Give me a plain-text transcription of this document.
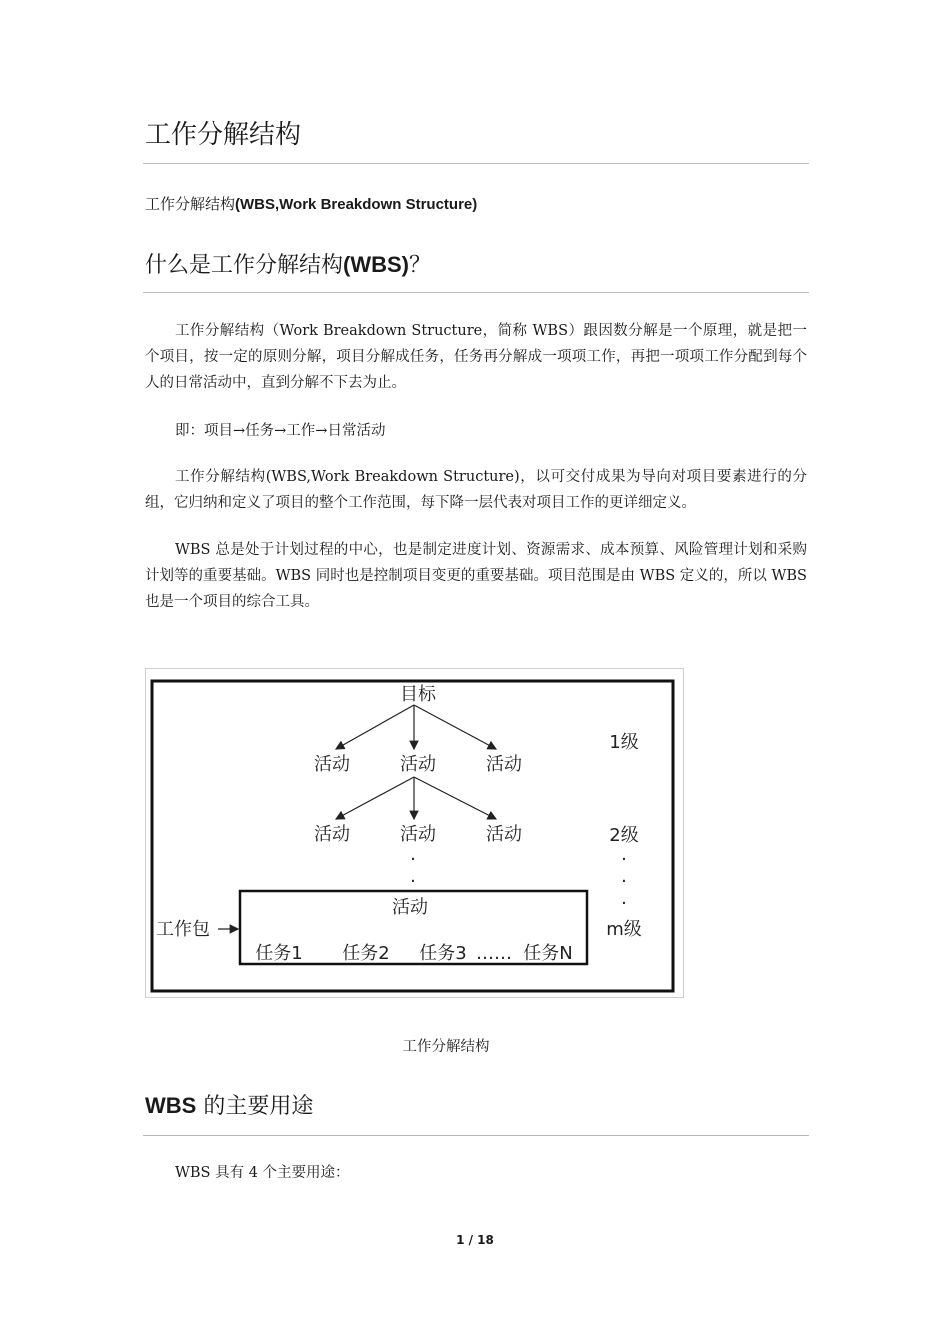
工作分解结构

工作分解结构(WBS,Work Breakdown Structure)

什么是工作分解结构(WBS)？

工作分解结构（Work Breakdown Structure，简称 WBS）跟因数分解是一个原理，就是把一个项目，按一定的原则分解，项目分解成任务，任务再分解成一项项工作，再把一项项工作分配到每个人的日常活动中，直到分解不下去为止。

即：项目→任务→工作→日常活动

工作分解结构(WBS,Work Breakdown Structure)，以可交付成果为导向对项目要素进行的分组，它归纳和定义了项目的整个工作范围，每下降一层代表对项目工作的更详细定义。

WBS 总是处于计划过程的中心，也是制定进度计划、资源需求、成本预算、风险管理计划和采购计划等的重要基础。WBS 同时也是控制项目变更的重要基础。项目范围是由 WBS 定义的，所以 WBS 也是一个项目的综合工具。

目标
活动	活动	活动
1级
活动	活动	活动	2级
·
·
·
·
·
m级
活动
工作包
任务1 任务2 任务3 …… 任务N

工作分解结构

WBS 的主要用途

WBS 具有 4 个主要用途：

1 / 18
